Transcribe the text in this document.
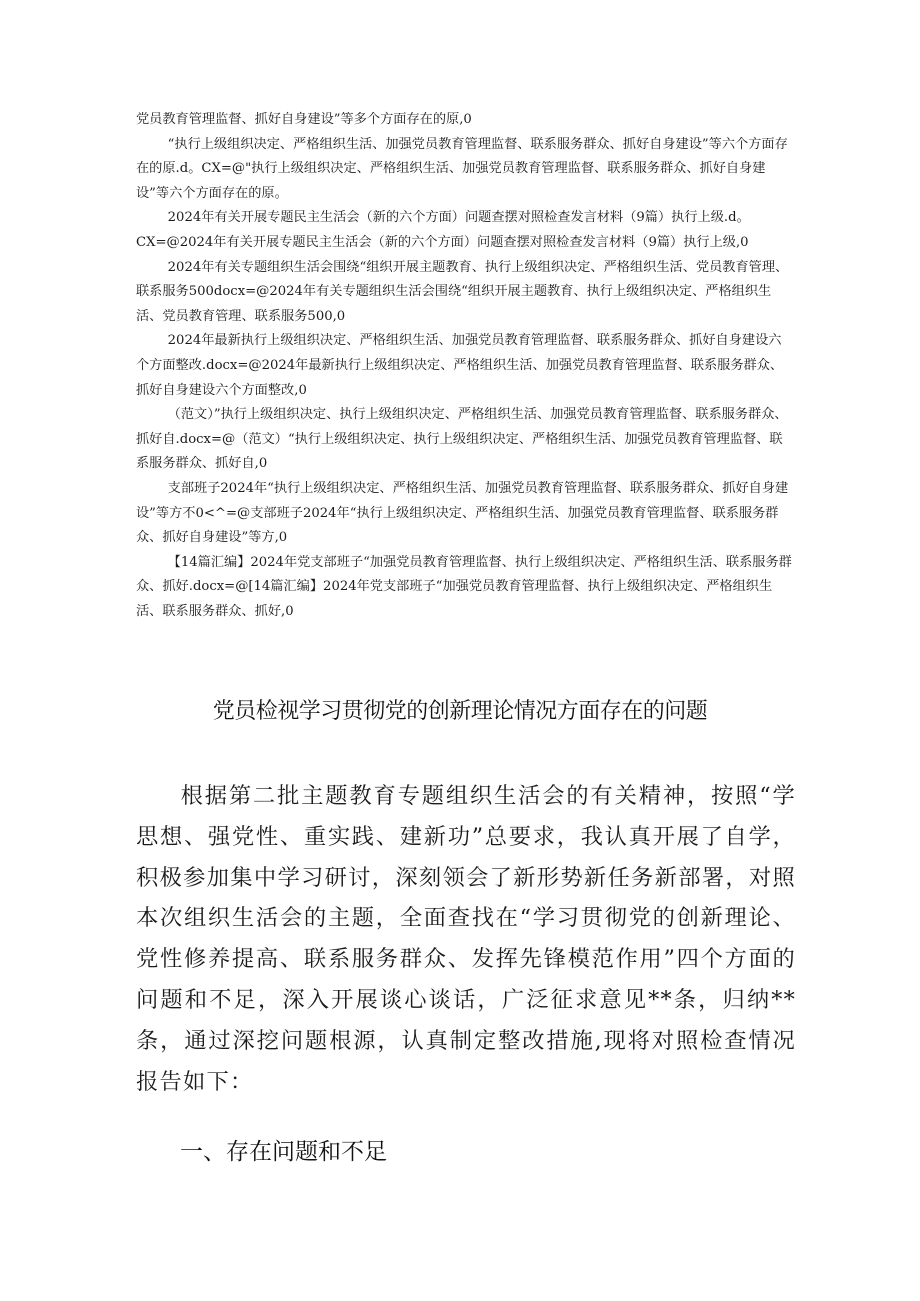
党员教育管理监督、抓好自身建设”等多个方面存在的原,0

“执行上级组织决定、严格组织生活、加强党员教育管理监督、联系服务群众、抓好自身建设”等六个方面存在的原.d。CX=@"执行上级组织决定、严格组织生活、加强党员教育管理监督、联系服务群众、抓好自身建设”等六个方面存在的原。

2024年有关开展专题民主生活会（新的六个方面）问题查摆对照检查发言材料（9篇）执行上级.d。CX=@2024年有关开展专题民主生活会（新的六个方面）问题查摆对照检查发言材料（9篇）执行上级,0

2024年有关专题组织生活会围绕“组织开展主题教育、执行上级组织决定、严格组织生活、党员教育管理、联系服务500docx=@2024年有关专题组织生活会围绕“组织开展主题教育、执行上级组织决定、严格组织生活、党员教育管理、联系服务500,0

2024年最新执行上级组织决定、严格组织生活、加强党员教育管理监督、联系服务群众、抓好自身建设六个方面整改.docx=@2024年最新执行上级组织决定、严格组织生活、加强党员教育管理监督、联系服务群众、抓好自身建设六个方面整改,0

（范文）”执行上级组织决定、执行上级组织决定、严格组织生活、加强党员教育管理监督、联系服务群众、抓好自.docx=@（范文）“执行上级组织决定、执行上级组织决定、严格组织生活、加强党员教育管理监督、联系服务群众、抓好自,0

支部班子2024年“执行上级组织决定、严格组织生活、加强党员教育管理监督、联系服务群众、抓好自身建设”等方不0<^=@支部班子2024年“执行上级组织决定、严格组织生活、加强党员教育管理监督、联系服务群众、抓好自身建设”等方,0

【14篇汇编】2024年党支部班子“加强党员教育管理监督、执行上级组织决定、严格组织生活、联系服务群众、抓好.docx=@[14篇汇编】2024年党支部班子“加强党员教育管理监督、执行上级组织决定、严格组织生活、联系服务群众、抓好,0

党员检视学习贯彻党的创新理论情况方面存在的问题

根据第二批主题教育专题组织生活会的有关精神，按照“学思想、强党性、重实践、建新功”总要求，我认真开展了自学，积极参加集中学习研讨，深刻领会了新形势新任务新部署，对照本次组织生活会的主题，全面查找在“学习贯彻党的创新理论、党性修养提高、联系服务群众、发挥先锋模范作用”四个方面的问题和不足，深入开展谈心谈话，广泛征求意见**条，归纳**条，通过深挖问题根源，认真制定整改措施,现将对照检查情况报告如下：

一、存在问题和不足
